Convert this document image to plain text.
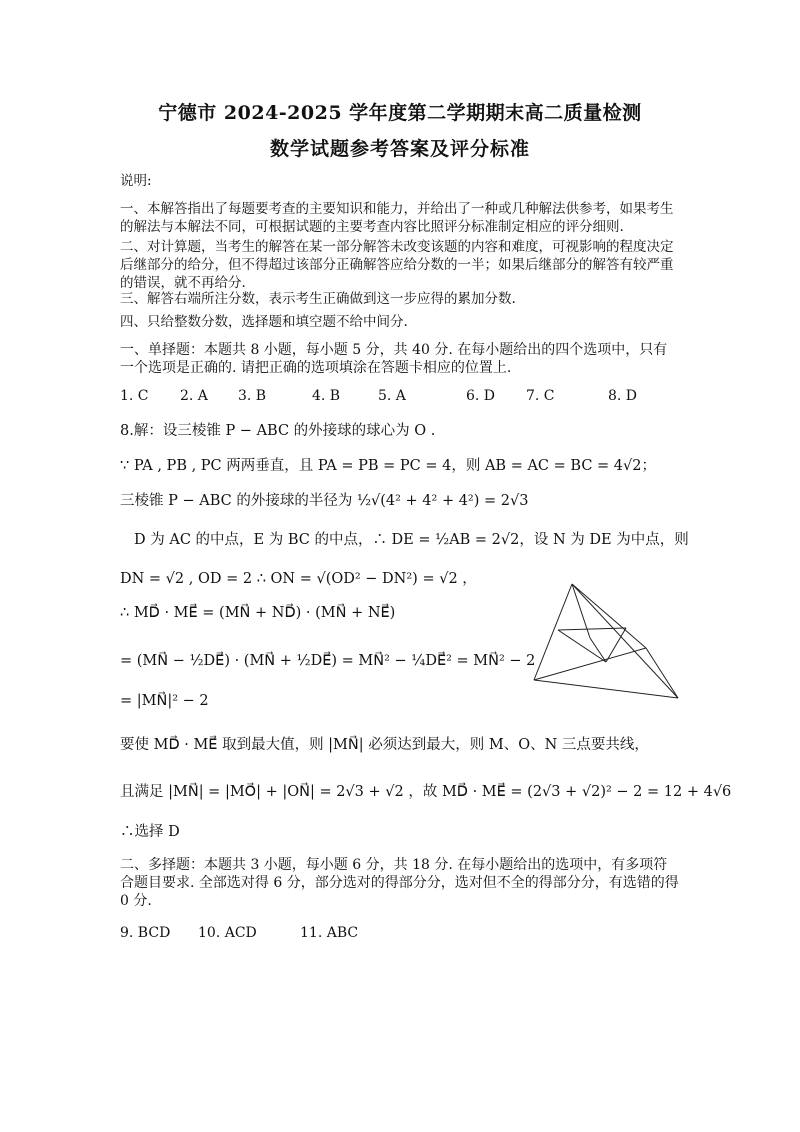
宁德市 2024-2025 学年度第二学期期末高二质量检测
数学试题参考答案及评分标准
说明:
一、本解答指出了每题要考查的主要知识和能力，并给出了一种或几种解法供参考，如果考生的解法与本解法不同，可根据试题的主要考查内容比照评分标准制定相应的评分细则.
二、对计算题，当考生的解答在某一部分解答未改变该题的内容和难度，可视影响的程度决定后继部分的给分，但不得超过该部分正确解答应给分数的一半；如果后继部分的解答有较严重的错误，就不再给分.
三、解答右端所注分数，表示考生正确做到这一步应得的累加分数.
四、只给整数分数，选择题和填空题不给中间分.
一、单择题：本题共 8 小题，每小题 5 分，共 40 分. 在每小题给出的四个选项中，只有一个选项是正确的. 请把正确的选项填涂在答题卡相应的位置上.
1. C 2. A 3. B	4. B	5. A	6. D 7. C	8. D
8.解：设三棱锥 P − ABC 的外接球的球心为 O .
∵ PA , PB , PC 两两垂直，且 PA = PB = PC = 4，则 AB = AC = BC = 4√2；
三棱锥 P − ABC 的外接球的半径为 ½√(4² + 4² + 4²) = 2√3
D 为 AC 的中点，E 为 BC 的中点，∴ DE = ½AB = 2√2，设 N 为 DE 为中点，则
DN = √2 , OD = 2 ∴ ON = √(OD² − DN²) = √2 ，
∴ MD⃗ · ME⃗ = (MN⃗ + ND⃗) · (MN⃗ + NE⃗)
= (MN⃗ − ½DE⃗) · (MN⃗ + ½DE⃗) = MN⃗² − ¼DE⃗² = MN⃗² − 2
= |MN⃗|² − 2
要使 MD⃗ · ME⃗ 取到最大值，则 |MN⃗| 必须达到最大，则 M、O、N 三点要共线，
且满足 |MN⃗| = |MO⃗| + |ON⃗| = 2√3 + √2 ，故 MD⃗ · ME⃗ = (2√3 + √2)² − 2 = 12 + 4√6
∴选择 D
二、多择题：本题共 3 小题，每小题 6 分，共 18 分. 在每小题给出的选项中，有多项符合题目要求. 全部选对得 6 分，部分选对的得部分分，选对但不全的得部分分，有选错的得 0 分.
9. BCD 10. ACD	11. ABC
